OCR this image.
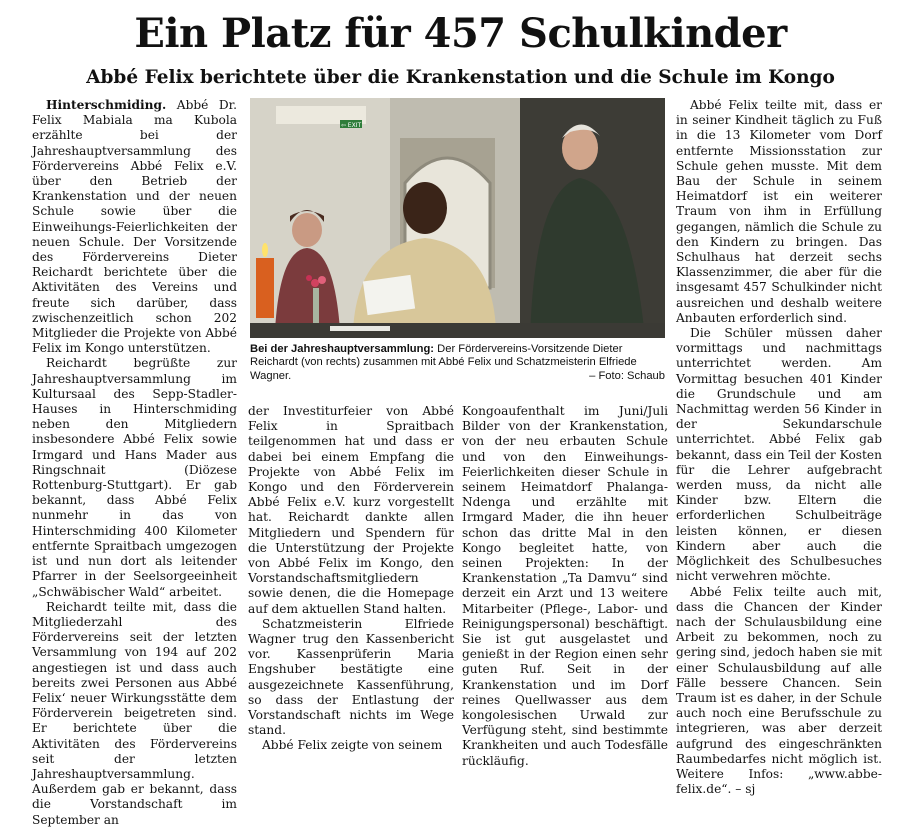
Ein Platz für 457 Schulkinder
Abbé Felix berichtete über die Krankenstation und die Schule im Kongo

Hinterschmiding. Abbé Dr. Felix Mabiala ma Kubola erzählte bei der Jahreshauptversammlung des Fördervereins Abbé Felix e.V. über den Betrieb der Krankenstation und der neuen Schule sowie über die Einweihungs-Feierlichkeiten der neuen Schule. Der Vorsitzende des Fördervereins Dieter Reichardt berichtete über die Aktivitäten des Vereins und freute sich darüber, dass zwischenzeitlich schon 202 Mitglieder die Projekte von Abbé Felix im Kongo unterstützen.

Reichardt begrüßte zur Jahreshauptversammlung im Kultursaal des Sepp-Stadler-Hauses in Hinterschmiding neben den Mitgliedern insbesondere Abbé Felix sowie Irmgard und Hans Mader aus Ringschnait (Diözese Rottenburg-Stuttgart). Er gab bekannt, dass Abbé Felix nunmehr in das von Hinterschmiding 400 Kilometer entfernte Spraitbach umgezogen ist und nun dort als leitender Pfarrer in der Seelsorgeeinheit „Schwäbischer Wald“ arbeitet.

Reichardt teilte mit, dass die Mitgliederzahl des Fördervereins seit der letzten Versammlung von 194 auf 202 angestiegen ist und dass auch bereits zwei Personen aus Abbé Felix‘ neuer Wirkungsstätte dem Förderverein beigetreten sind. Er berichtete über die Aktivitäten des Fördervereins seit der letzten Jahreshauptversammlung. Außerdem gab er bekannt, dass die Vorstandschaft im September an

⇦ EXIT

Bei der Jahreshauptversammlung: Der Fördervereins-Vorsitzende Dieter Reichardt (von rechts) zusammen mit Abbé Felix und Schatzmeisterin Elfriede Wagner.	– Foto: Schaub

der Investiturfeier von Abbé Felix in Spraitbach teilgenommen hat und dass er dabei bei einem Empfang die Projekte von Abbé Felix im Kongo und den Förderverein Abbé Felix e.V. kurz vorgestellt hat. Reichardt dankte allen Mitgliedern und Spendern für die Unterstützung der Projekte von Abbé Felix im Kongo, den Vorstandschaftsmitgliedern sowie denen, die die Homepage auf dem aktuellen Stand halten.

Schatzmeisterin Elfriede Wagner trug den Kassenbericht vor. Kassenprüferin Maria Engshuber bestätigte eine ausgezeichnete Kassenführung, so dass der Entlastung der Vorstandschaft nichts im Wege stand.

Abbé Felix zeigte von seinem

Kongoaufenthalt im Juni/Juli Bilder von der Krankenstation, von der neu erbauten Schule und von den Einweihungs-Feierlichkeiten dieser Schule in seinem Heimatdorf Phalanga-Ndenga und erzählte mit Irmgard Mader, die ihn heuer schon das dritte Mal in den Kongo begleitet hatte, von seinen Projekten: In der Krankenstation „Ta Damvu“ sind derzeit ein Arzt und 13 weitere Mitarbeiter (Pflege-, Labor- und Reinigungspersonal) beschäftigt. Sie ist gut ausgelastet und genießt in der Region einen sehr guten Ruf. Seit in der Krankenstation und im Dorf reines Quellwasser aus dem kongolesischen Urwald zur Verfügung steht, sind bestimmte Krankheiten und auch Todesfälle rückläufig.

Abbé Felix teilte mit, dass er in seiner Kindheit täglich zu Fuß in die 13 Kilometer vom Dorf entfernte Missionsstation zur Schule gehen musste. Mit dem Bau der Schule in seinem Heimatdorf ist ein weiterer Traum von ihm in Erfüllung gegangen, nämlich die Schule zu den Kindern zu bringen. Das Schulhaus hat derzeit sechs Klassenzimmer, die aber für die insgesamt 457 Schulkinder nicht ausreichen und deshalb weitere Anbauten erforderlich sind.

Die Schüler müssen daher vormittags und nachmittags unterrichtet werden. Am Vormittag besuchen 401 Kinder die Grundschule und am Nachmittag werden 56 Kinder in der Sekundarschule unterrichtet. Abbé Felix gab bekannt, dass ein Teil der Kosten für die Lehrer aufgebracht werden muss, da nicht alle Kinder bzw. Eltern die erforderlichen Schulbeiträge leisten können, er diesen Kindern aber auch die Möglichkeit des Schulbesuches nicht verwehren möchte.

Abbé Felix teilte auch mit, dass die Chancen der Kinder nach der Schulausbildung eine Arbeit zu bekommen, noch zu gering sind, jedoch haben sie mit einer Schulausbildung auf alle Fälle bessere Chancen. Sein Traum ist es daher, in der Schule auch noch eine Berufsschule zu integrieren, was aber derzeit aufgrund des eingeschränkten Raumbedarfes nicht möglich ist. Weitere Infos: „www.abbe-felix.de“. – sj
